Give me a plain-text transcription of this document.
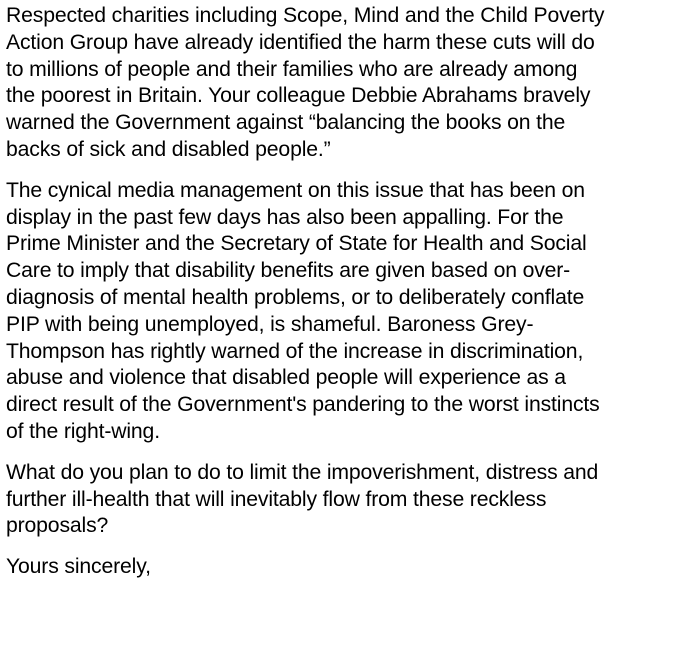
Respected charities including Scope, Mind and the Child Poverty
Action Group have already identified the harm these cuts will do
to millions of people and their families who are already among
the poorest in Britain. Your colleague Debbie Abrahams bravely
warned the Government against “balancing the books on the
backs of sick and disabled people.”
The cynical media management on this issue that has been on
display in the past few days has also been appalling. For the
Prime Minister and the Secretary of State for Health and Social
Care to imply that disability benefits are given based on over-
diagnosis of mental health problems, or to deliberately conflate
PIP with being unemployed, is shameful. Baroness Grey-
Thompson has rightly warned of the increase in discrimination,
abuse and violence that disabled people will experience as a
direct result of the Government's pandering to the worst instincts
of the right-wing.
What do you plan to do to limit the impoverishment, distress and
further ill-health that will inevitably flow from these reckless
proposals?
Yours sincerely,
